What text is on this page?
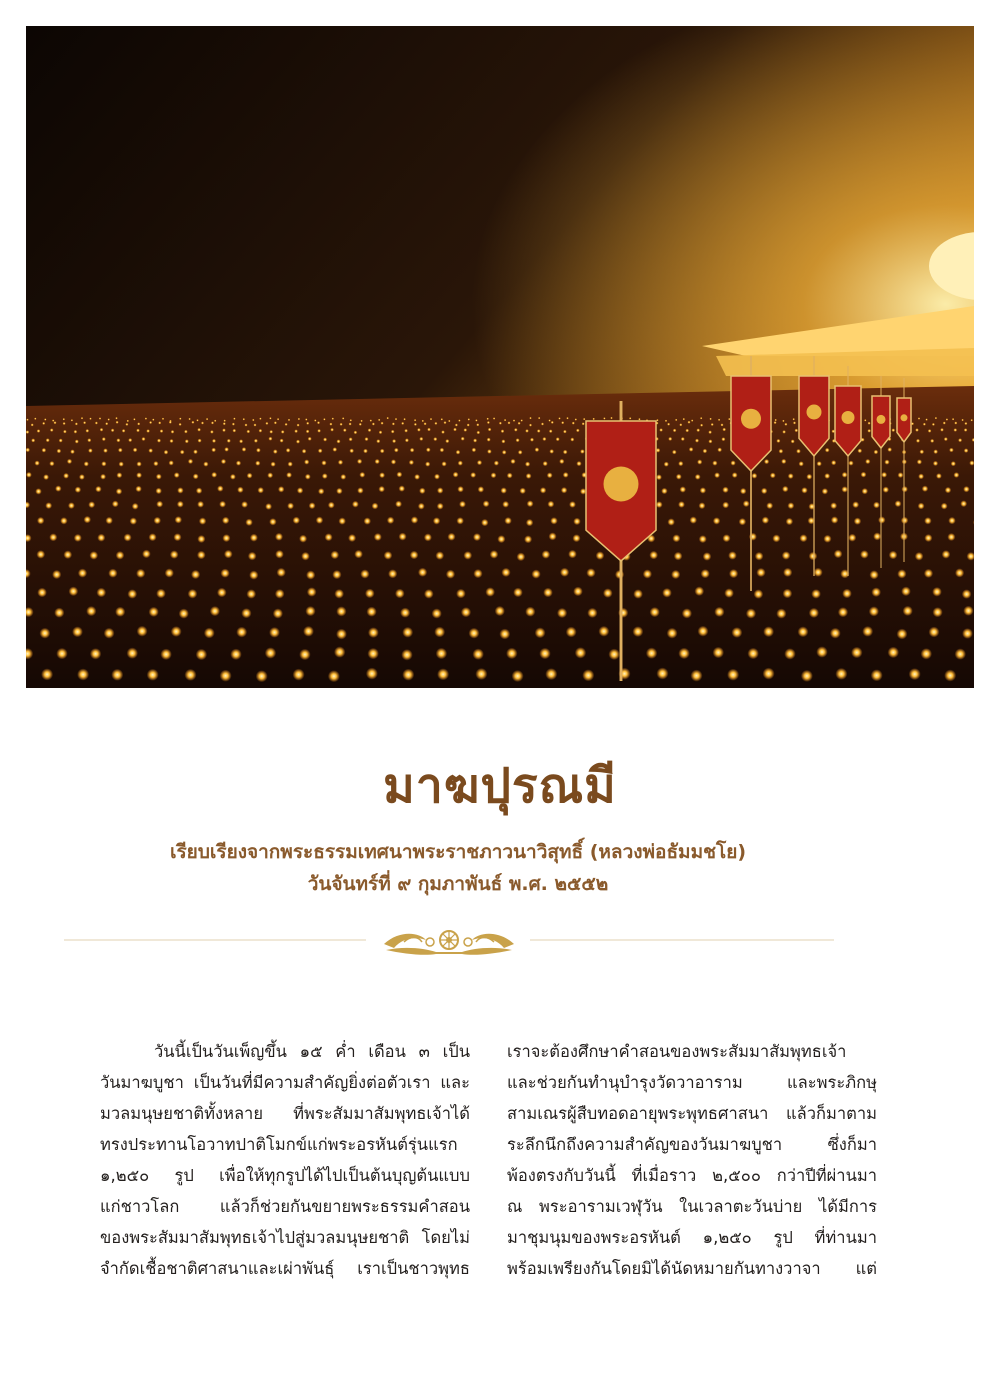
มาฆปุรณมี
เรียบเรียงจากพระธรรมเทศนาพระราชภาวนาวิสุทธิ์ (หลวงพ่อธัมมชโย)
วันจันทร์ที่ ๙ กุมภาพันธ์ พ.ศ. ๒๕๕๒
วันนี้เป็นวันเพ็ญขึ้น ๑๕ ค่ำ เดือน ๓ เป็น
วันมาฆบูชา เป็นวันที่มีความสำคัญยิ่งต่อตัวเรา และ
มวลมนุษยชาติทั้งหลาย ที่พระสัมมาสัมพุทธเจ้าได้
ทรงประทานโอวาทปาติโมกข์แก่พระอรหันต์รุ่นแรก
๑,๒๕๐ รูป เพื่อให้ทุกรูปได้ไปเป็นต้นบุญต้นแบบ
แก่ชาวโลก แล้วก็ช่วยกันขยายพระธรรมคำสอน
ของพระสัมมาสัมพุทธเจ้าไปสู่มวลมนุษยชาติ โดยไม่
จำกัดเชื้อชาติศาสนาและเผ่าพันธุ์ เราเป็นชาวพุทธ
เราจะต้องศึกษาคำสอนของพระสัมมาสัมพุทธเจ้า
และช่วยกันทำนุบำรุงวัดวาอาราม และพระภิกษุ
สามเณรผู้สืบทอดอายุพระพุทธศาสนา แล้วก็มาตาม
ระลึกนึกถึงความสำคัญของวันมาฆบูชา ซึ่งก็มา
พ้องตรงกับวันนี้ ที่เมื่อราว ๒,๕๐๐ กว่าปีที่ผ่านมา
ณ พระอารามเวฬุวัน ในเวลาตะวันบ่าย ได้มีการ
มาชุมนุมของพระอรหันต์ ๑,๒๕๐ รูป ที่ท่านมา
พร้อมเพรียงกันโดยมิได้นัดหมายกันทางวาจา แต่
